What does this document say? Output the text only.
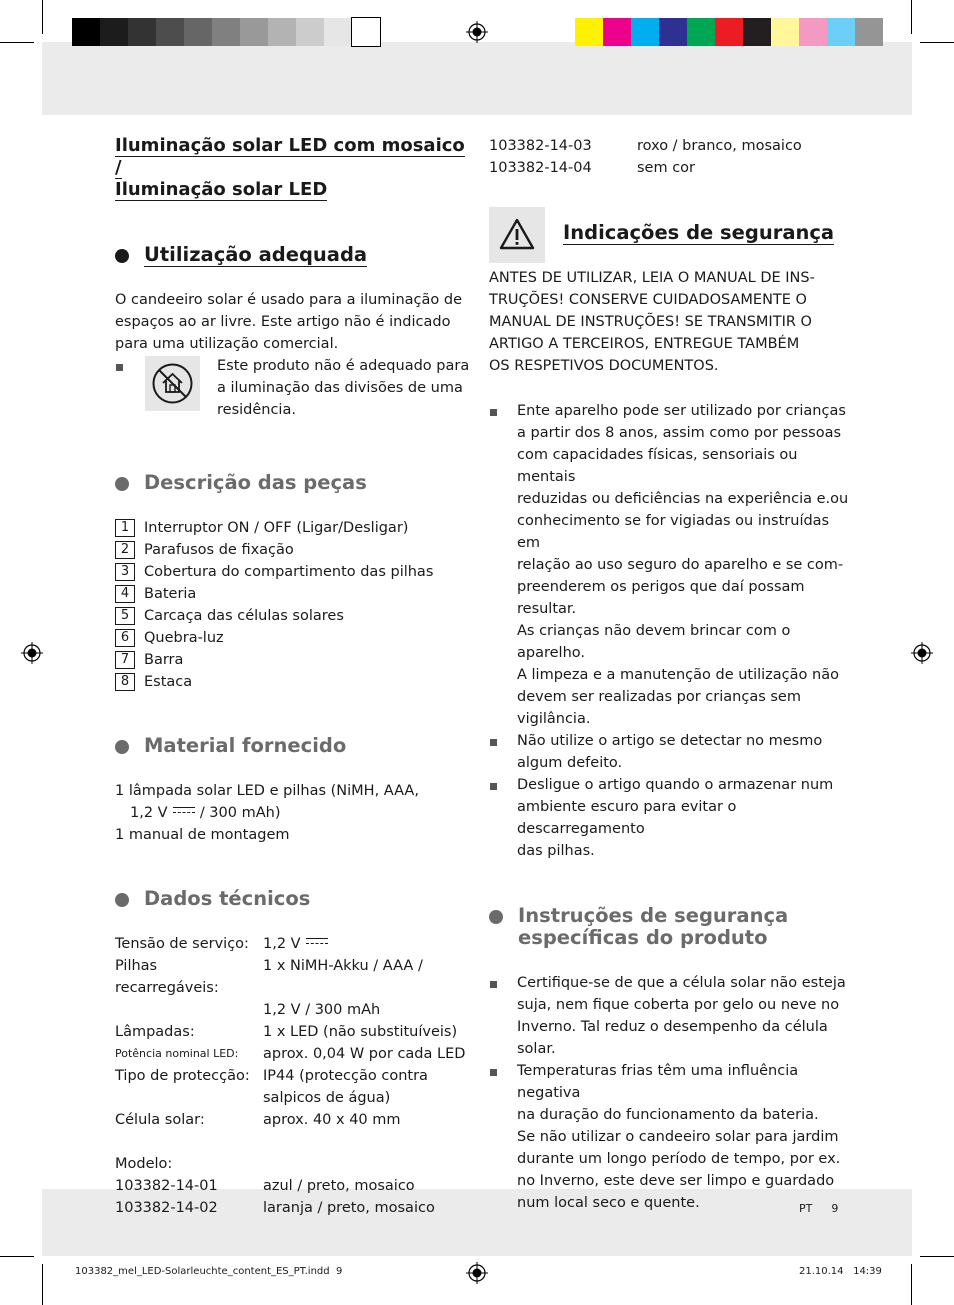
Iluminação solar LED com mosaico /
Iluminação solar LED
Utilização adequada
O candeeiro solar é usado para a iluminação de
espaços ao ar livre. Este artigo não é indicado
para uma utilização comercial.
Este produto não é adequado para
a iluminação das divisões de uma
residência.
Descrição das peças
1	Interruptor ON / OFF (Ligar/Desligar)
2	Parafusos de fixação
3	Cobertura do compartimento das pilhas
4	Bateria
5	Carcaça das células solares
6	Quebra-luz
7	Barra
8	Estaca
Material fornecido
1 lâmpada solar LED e pilhas (NiMH, AAA,
1,2 V / 300 mAh)
1 manual de montagem
Dados técnicos
Tensão de serviço: 1,2 V
Pilhas recarregáveis:
1 x NiMH-Akku / AAA /
1,2 V / 300 mAh
Lâmpadas:	1 x LED (não substituíveis)
Potência nominal LED:	aprox. 0,04 W por cada LED
Tipo de protecção: IP44 (protecção contra
salpicos de água)
Célula solar:	aprox. 40 x 40 mm
Modelo:
103382-14-01	azul / preto, mosaico
103382-14-02	laranja / preto, mosaico
103382-14-03	roxo / branco, mosaico
103382-14-04	sem cor
Indicações de segurança
ANTES DE UTILIZAR, LEIA O MANUAL DE INS-
TRUÇÕES! CONSERVE CUIDADOSAMENTE O
MANUAL DE INSTRUÇÕES! SE TRANSMITIR O
ARTIGO A TERCEIROS, ENTREGUE TAMBÉM
OS RESPETIVOS DOCUMENTOS.
Ente aparelho pode ser utilizado por crianças
a partir dos 8 anos, assim como por pessoas
com capacidades físicas, sensoriais ou mentais
reduzidas ou deficiências na experiência e.ou
conhecimento se for vigiadas ou instruídas em
relação ao uso seguro do aparelho e se com-
preenderem os perigos que daí possam resultar.
As crianças não devem brincar com o aparelho.
A limpeza e a manutenção de utilização não
devem ser realizadas por crianças sem vigilância.
Não utilize o artigo se detectar no mesmo
algum defeito.
Desligue o artigo quando o armazenar num
ambiente escuro para evitar o descarregamento
das pilhas.
Instruções de segurança
específicas do produto
Certifique-se de que a célula solar não esteja
suja, nem fique coberta por gelo ou neve no
Inverno. Tal reduz o desempenho da célula solar.
Temperaturas frias têm uma influência negativa
na duração do funcionamento da bateria.
Se não utilizar o candeeiro solar para jardim
durante um longo período de tempo, por ex.
no Inverno, este deve ser limpo e guardado
num local seco e quente.	PT 9
103382_mel_LED-Solarleuchte_content_ES_PT.indd 9	21.10.14 14:39
